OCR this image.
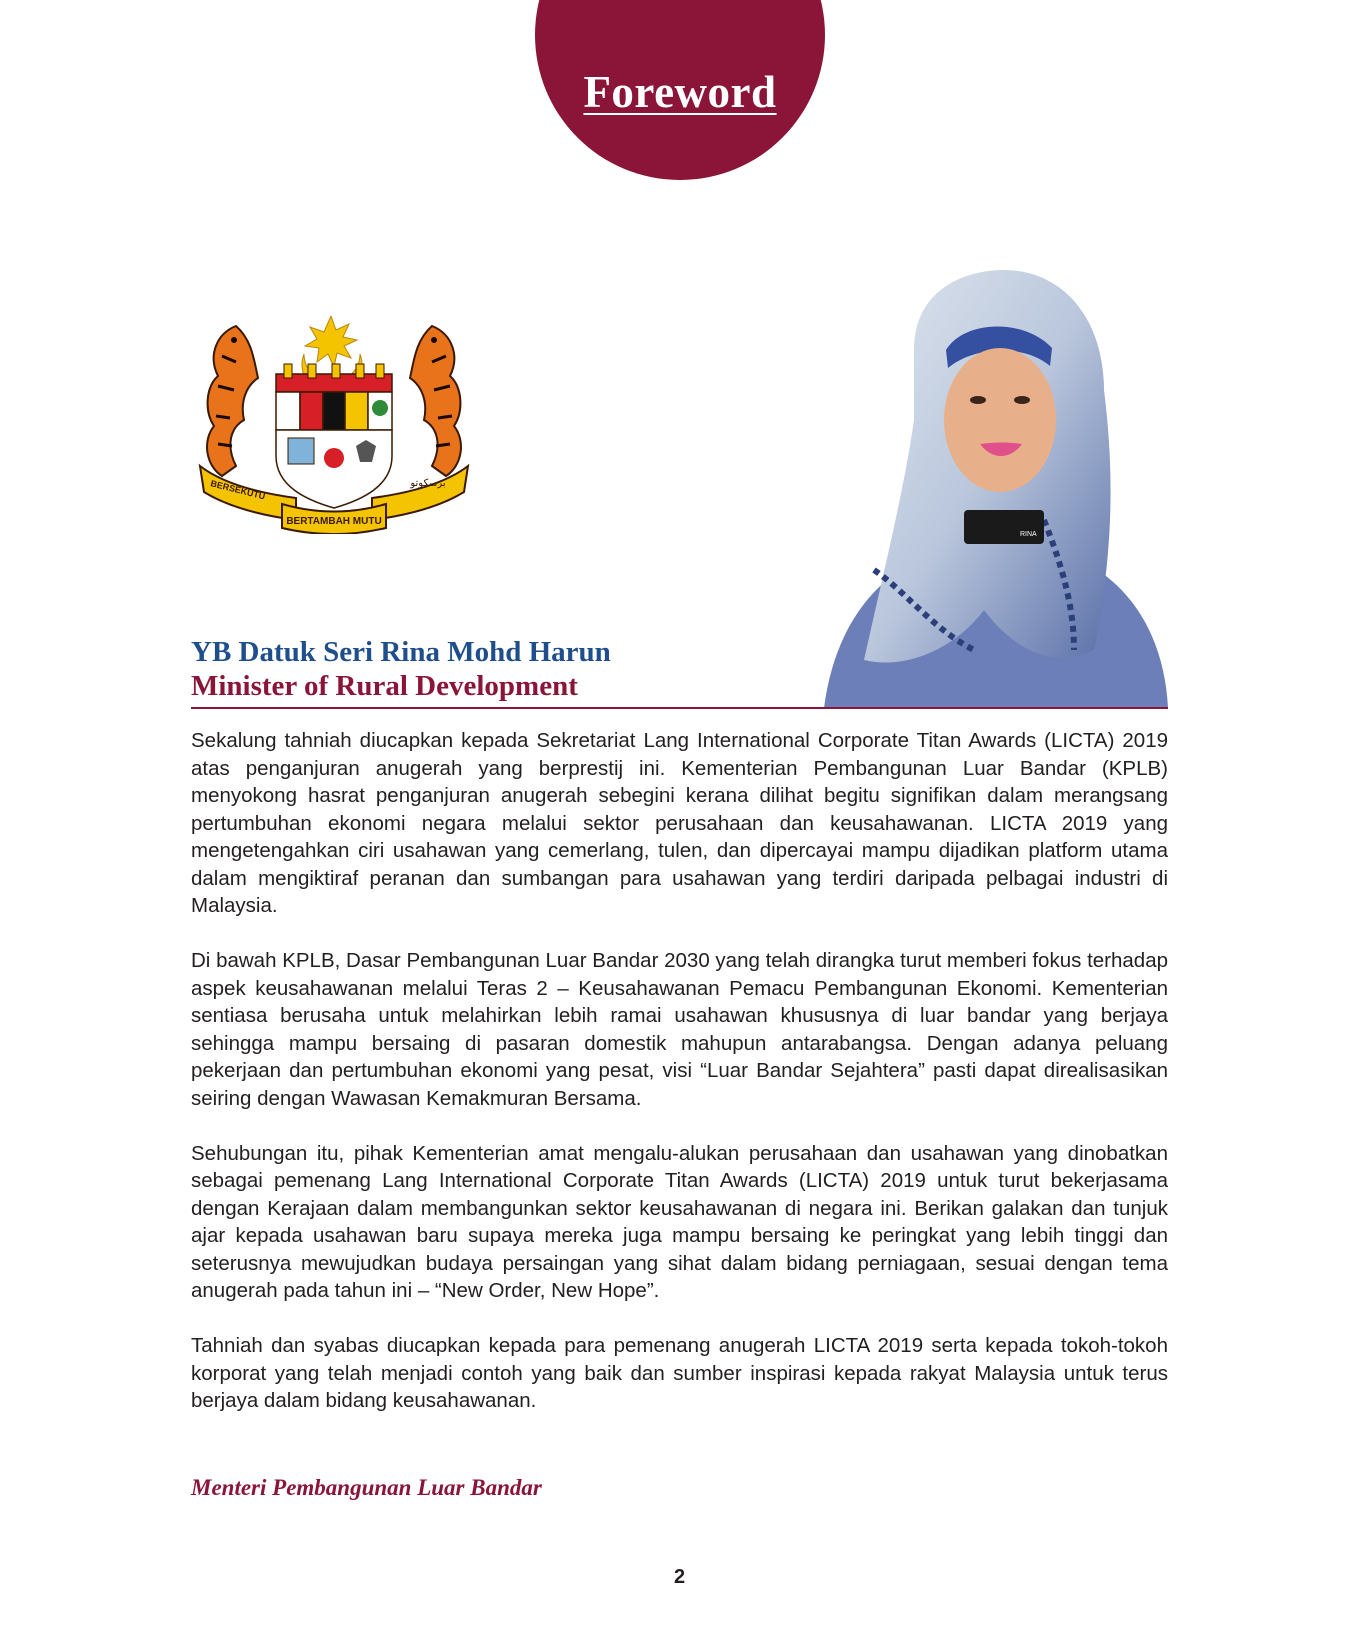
Foreword
BERSEKUTU
BERTAMBAH MUTU
برسكوتو
RINA
YB Datuk Seri Rina Mohd Harun
Minister of Rural Development

Sekalung tahniah diucapkan kepada Sekretariat Lang International Corporate Titan Awards (LICTA) 2019 atas penganjuran anugerah yang berprestij ini. Kementerian Pembangunan Luar Bandar (KPLB) menyokong hasrat penganjuran anugerah sebegini kerana dilihat begitu signifikan dalam merangsang pertumbuhan ekonomi negara melalui sektor perusahaan dan keusahawanan. LICTA 2019 yang mengetengahkan ciri usahawan yang cemerlang, tulen, dan dipercayai mampu dijadikan platform utama dalam mengiktiraf peranan dan sumbangan para usahawan yang terdiri daripada pelbagai industri di Malaysia.

Di bawah KPLB, Dasar Pembangunan Luar Bandar 2030 yang telah dirangka turut memberi fokus terhadap aspek keusahawanan melalui Teras 2 – Keusahawanan Pemacu Pembangunan Ekonomi. Kementerian sentiasa berusaha untuk melahirkan lebih ramai usahawan khususnya di luar bandar yang berjaya sehingga mampu bersaing di pasaran domestik mahupun antarabangsa. Dengan adanya peluang pekerjaan dan pertumbuhan ekonomi yang pesat, visi “Luar Bandar Sejahtera” pasti dapat direalisasikan seiring dengan Wawasan Kemakmuran Bersama.

Sehubungan itu, pihak Kementerian amat mengalu-alukan perusahaan dan usahawan yang dinobatkan sebagai pemenang Lang International Corporate Titan Awards (LICTA) 2019 untuk turut bekerjasama dengan Kerajaan dalam membangunkan sektor keusahawanan di negara ini. Berikan galakan dan tunjuk ajar kepada usahawan baru supaya mereka juga mampu bersaing ke peringkat yang lebih tinggi dan seterusnya mewujudkan budaya persaingan yang sihat dalam bidang perniagaan, sesuai dengan tema anugerah pada tahun ini – “New Order, New Hope”.

Tahniah dan syabas diucapkan kepada para pemenang anugerah LICTA 2019 serta kepada tokoh-tokoh korporat yang telah menjadi contoh yang baik dan sumber inspirasi kepada rakyat Malaysia untuk terus berjaya dalam bidang keusahawanan.

Menteri Pembangunan Luar Bandar
2
